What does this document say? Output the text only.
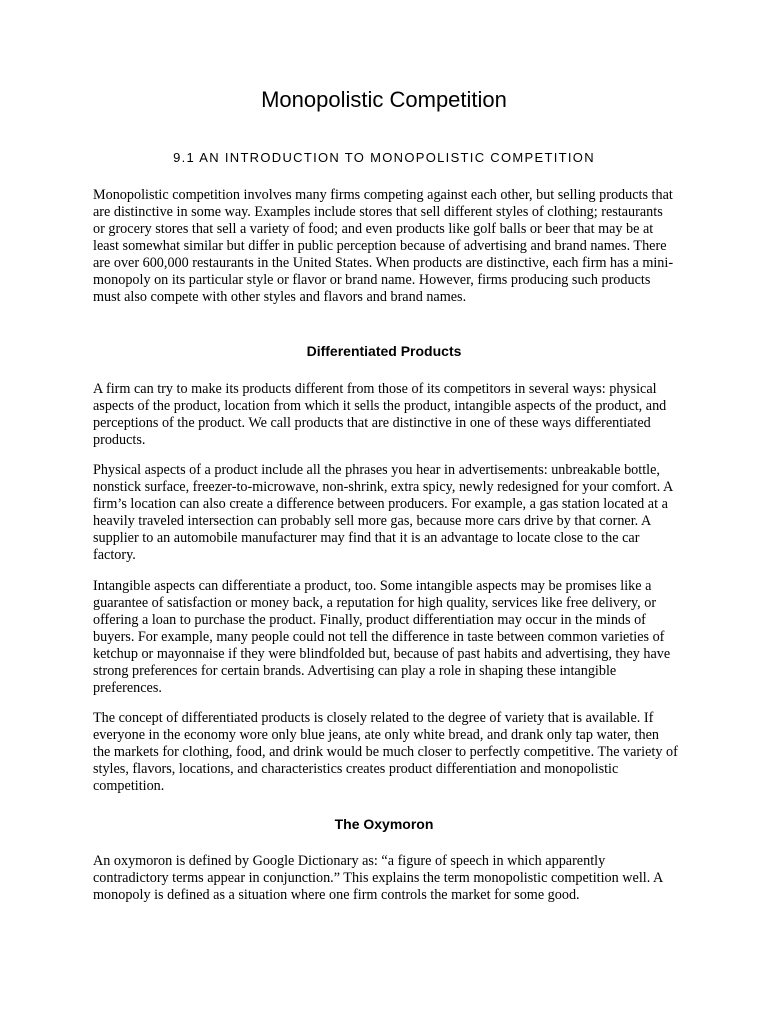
Monopolistic Competition
9.1 AN INTRODUCTION TO MONOPOLISTIC COMPETITION

Monopolistic competition involves many firms competing against each other, but selling products that are distinctive in some way. Examples include stores that sell different styles of clothing; restaurants or grocery stores that sell a variety of food; and even products like golf balls or beer that may be at least somewhat similar but differ in public perception because of advertising and brand names. There are over 600,000 restaurants in the United States. When products are distinctive, each firm has a mini-monopoly on its particular style or flavor or brand name. However, firms producing such products must also compete with other styles and flavors and brand names.

Differentiated Products

A firm can try to make its products different from those of its competitors in several ways: physical aspects of the product, location from which it sells the product, intangible aspects of the product, and perceptions of the product. We call products that are distinctive in one of these ways differentiated products.

Physical aspects of a product include all the phrases you hear in advertisements: unbreakable bottle, nonstick surface, freezer-to-microwave, non-shrink, extra spicy, newly redesigned for your comfort. A firm’s location can also create a difference between producers. For example, a gas station located at a heavily traveled intersection can probably sell more gas, because more cars drive by that corner. A supplier to an automobile manufacturer may find that it is an advantage to locate close to the car factory.

Intangible aspects can differentiate a product, too. Some intangible aspects may be promises like a guarantee of satisfaction or money back, a reputation for high quality, services like free delivery, or offering a loan to purchase the product. Finally, product differentiation may occur in the minds of buyers. For example, many people could not tell the difference in taste between common varieties of ketchup or mayonnaise if they were blindfolded but, because of past habits and advertising, they have strong preferences for certain brands. Advertising can play a role in shaping these intangible preferences.

The concept of differentiated products is closely related to the degree of variety that is available. If everyone in the economy wore only blue jeans, ate only white bread, and drank only tap water, then the markets for clothing, food, and drink would be much closer to perfectly competitive. The variety of styles, flavors, locations, and characteristics creates product differentiation and monopolistic competition.

The Oxymoron

An oxymoron is defined by Google Dictionary as: “a figure of speech in which apparently contradictory terms appear in conjunction.” This explains the term monopolistic competition well. A monopoly is defined as a situation where one firm controls the market for some good.
